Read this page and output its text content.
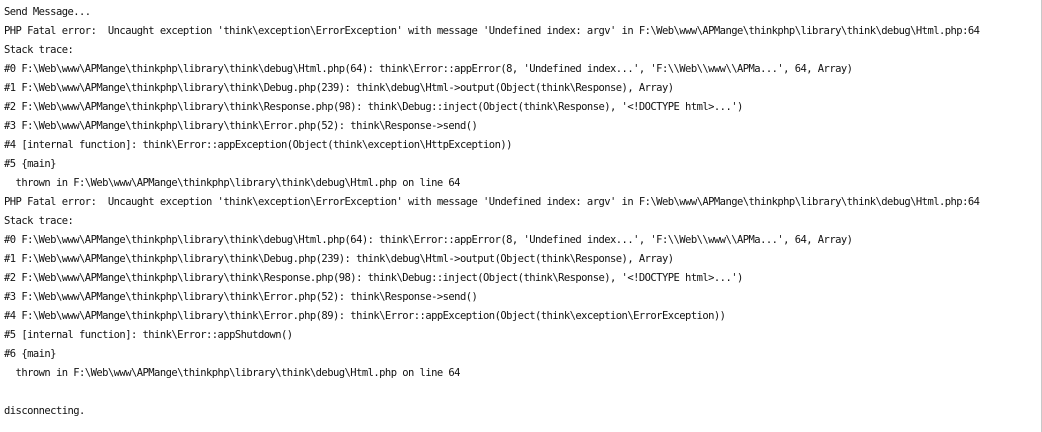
Send Message...
PHP Fatal error:  Uncaught exception 'think\exception\ErrorException' with message 'Undefined index: argv' in F:\Web\www\APMange\thinkphp\library\think\debug\Html.php:64
Stack trace:
#0 F:\Web\www\APMange\thinkphp\library\think\debug\Html.php(64): think\Error::appError(8, 'Undefined index...', 'F:\\Web\\www\\APMa...', 64, Array)
#1 F:\Web\www\APMange\thinkphp\library\think\Debug.php(239): think\debug\Html->output(Object(think\Response), Array)
#2 F:\Web\www\APMange\thinkphp\library\think\Response.php(98): think\Debug::inject(Object(think\Response), '<!DOCTYPE html>...')
#3 F:\Web\www\APMange\thinkphp\library\think\Error.php(52): think\Response->send()
#4 [internal function]: think\Error::appException(Object(think\exception\HttpException))
#5 {main}
thrown in F:\Web\www\APMange\thinkphp\library\think\debug\Html.php on line 64
PHP Fatal error:  Uncaught exception 'think\exception\ErrorException' with message 'Undefined index: argv' in F:\Web\www\APMange\thinkphp\library\think\debug\Html.php:64
Stack trace:
#0 F:\Web\www\APMange\thinkphp\library\think\debug\Html.php(64): think\Error::appError(8, 'Undefined index...', 'F:\\Web\\www\\APMa...', 64, Array)
#1 F:\Web\www\APMange\thinkphp\library\think\Debug.php(239): think\debug\Html->output(Object(think\Response), Array)
#2 F:\Web\www\APMange\thinkphp\library\think\Response.php(98): think\Debug::inject(Object(think\Response), '<!DOCTYPE html>...')
#3 F:\Web\www\APMange\thinkphp\library\think\Error.php(52): think\Response->send()
#4 F:\Web\www\APMange\thinkphp\library\think\Error.php(89): think\Error::appException(Object(think\exception\ErrorException))
#5 [internal function]: think\Error::appShutdown()
#6 {main}
thrown in F:\Web\www\APMange\thinkphp\library\think\debug\Html.php on line 64
disconnecting.
